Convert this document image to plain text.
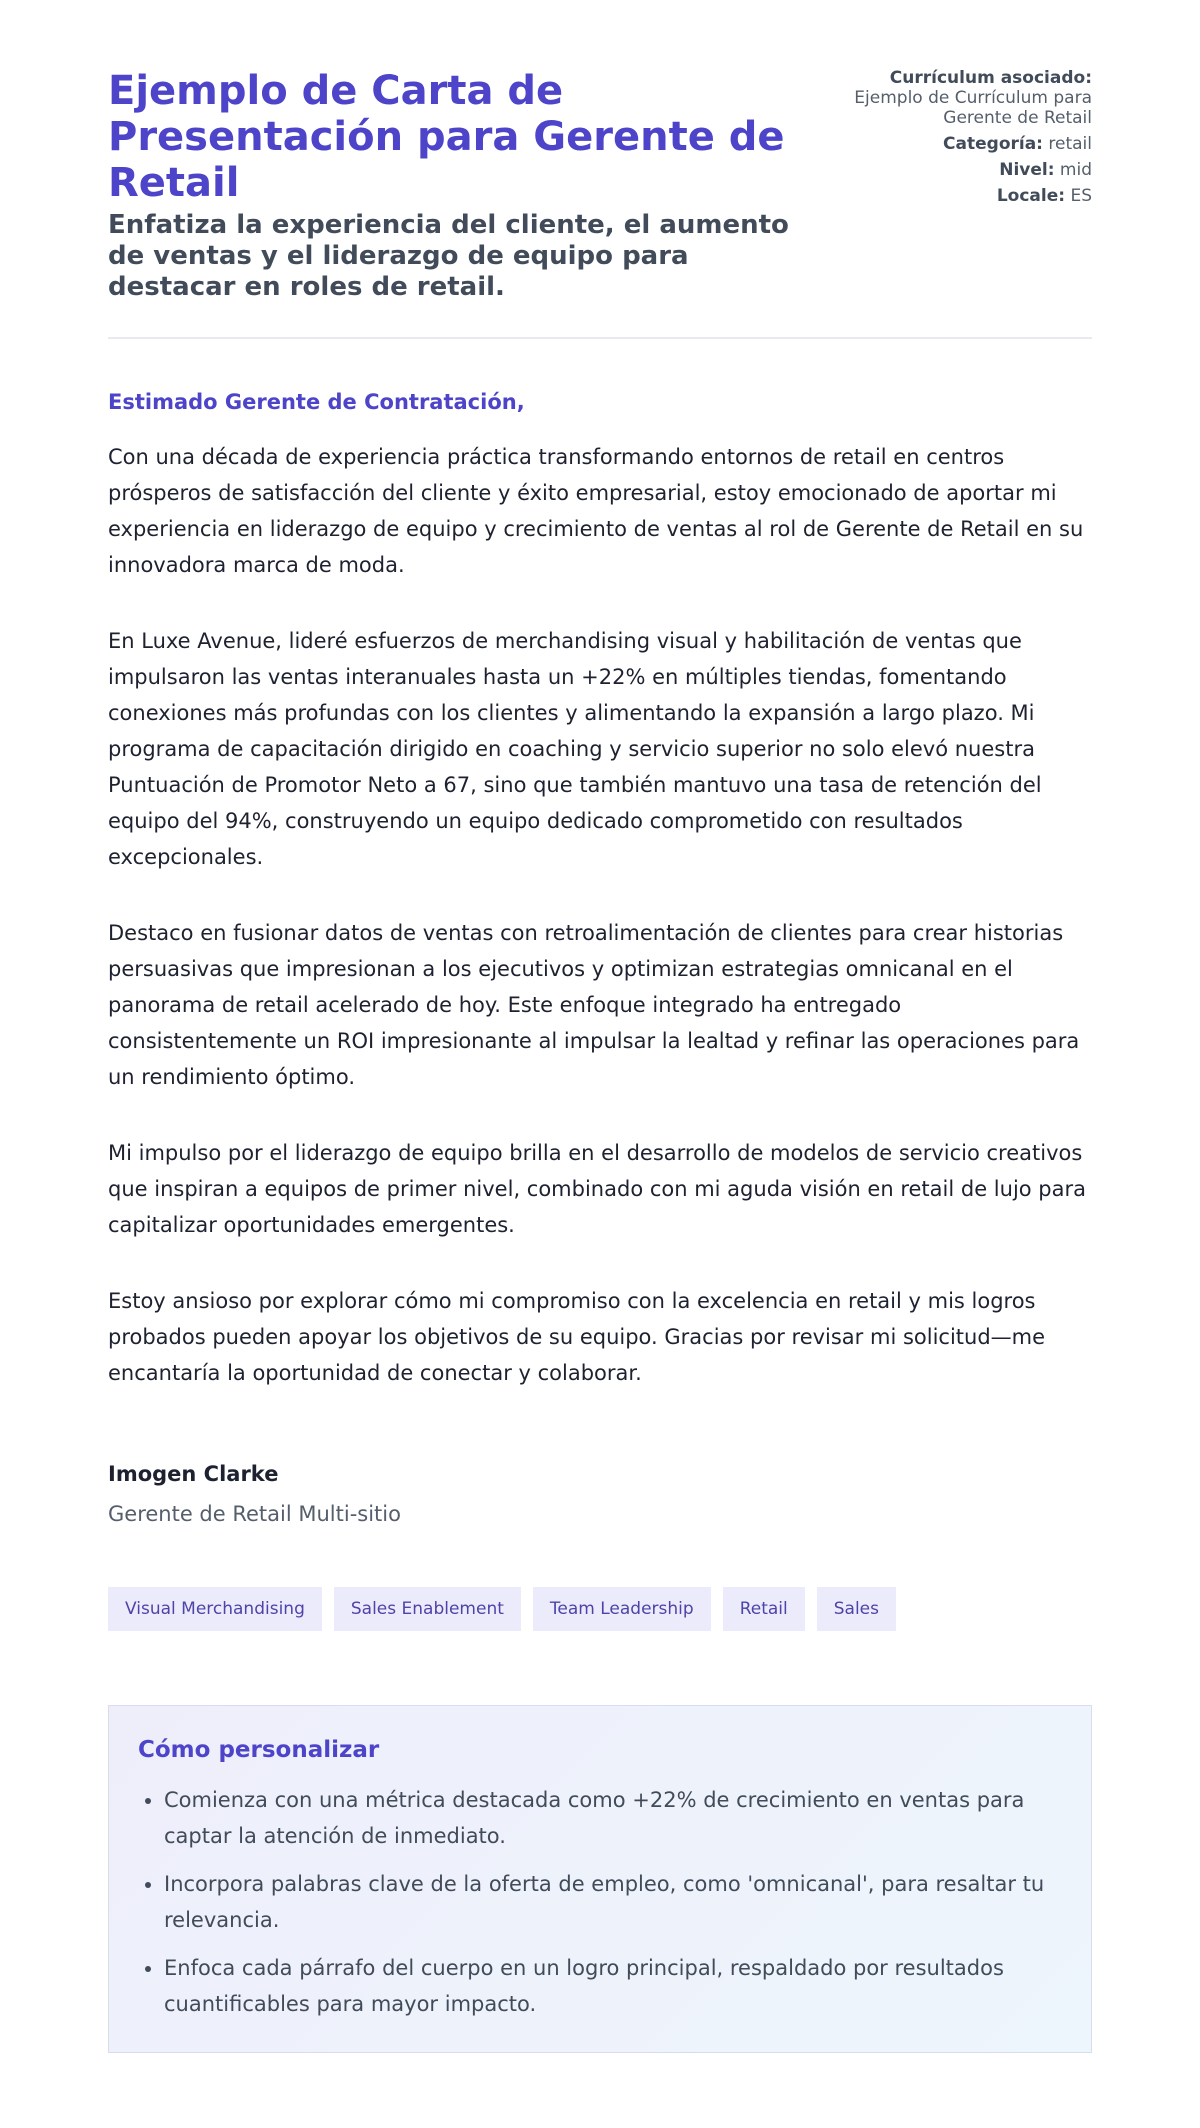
Ejemplo de Carta de Presentación para Gerente de Retail
Enfatiza la experiencia del cliente, el aumento de ventas y el liderazgo de equipo para destacar en roles de retail.
Currículum asociado:
Ejemplo de Currículum para Gerente de Retail
Categoría: retail
Nivel: mid
Locale: ES
Estimado Gerente de Contratación,

Con una década de experiencia práctica transformando entornos de retail en centros prósperos de satisfacción del cliente y éxito empresarial, estoy emocionado de aportar mi experiencia en liderazgo de equipo y crecimiento de ventas al rol de Gerente de Retail en su innovadora marca de moda.

En Luxe Avenue, lideré esfuerzos de merchandising visual y habilitación de ventas que impulsaron las ventas interanuales hasta un +22% en múltiples tiendas, fomentando conexiones más profundas con los clientes y alimentando la expansión a largo plazo. Mi programa de capacitación dirigido en coaching y servicio superior no solo elevó nuestra Puntuación de Promotor Neto a 67, sino que también mantuvo una tasa de retención del equipo del 94%, construyendo un equipo dedicado comprometido con resultados excepcionales.

Destaco en fusionar datos de ventas con retroalimentación de clientes para crear historias persuasivas que impresionan a los ejecutivos y optimizan estrategias omnicanal en el panorama de retail acelerado de hoy. Este enfoque integrado ha entregado consistentemente un ROI impresionante al impulsar la lealtad y refinar las operaciones para un rendimiento óptimo.

Mi impulso por el liderazgo de equipo brilla en el desarrollo de modelos de servicio creativos que inspiran a equipos de primer nivel, combinado con mi aguda visión en retail de lujo para capitalizar oportunidades emergentes.

Estoy ansioso por explorar cómo mi compromiso con la excelencia en retail y mis logros probados pueden apoyar los objetivos de su equipo. Gracias por revisar mi solicitud—me encantaría la oportunidad de conectar y colaborar.

Imogen Clarke
Gerente de Retail Multi-sitio
Visual Merchandising	Sales Enablement	Team Leadership	Retail	Sales
Cómo personalizar
• Comienza con una métrica destacada como +22% de crecimiento en ventas para captar la atención de inmediato.
• Incorpora palabras clave de la oferta de empleo, como 'omnicanal', para resaltar tu relevancia.
• Enfoca cada párrafo del cuerpo en un logro principal, respaldado por resultados cuantificables para mayor impacto.
